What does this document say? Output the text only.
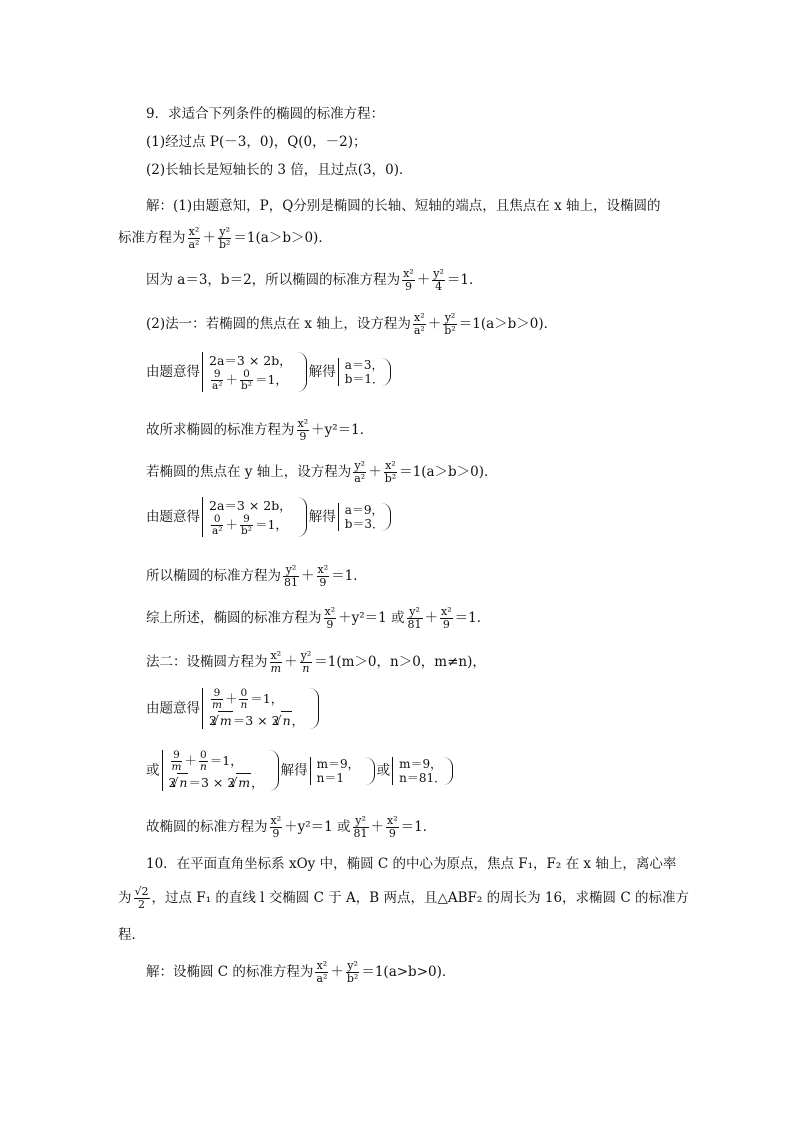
9．求适合下列条件的椭圆的标准方程：
(1)经过点 P(－3，0)，Q(0，－2)；
(2)长轴长是短轴长的 3 倍，且过点(3，0)．
解：(1)由题意知，P，Q分别是椭圆的长轴、短轴的端点，且焦点在 x 轴上，设椭圆的
标准方程为 $\frac{\text{x²}}{\text{a²}} + \frac{\text{y²}}{\text{b²}} =1(a>b>0)$．
因为 a＝3，b＝2，所以椭圆的标准方程为 $\frac{\text{x²}}{9} + \frac{\text{y²}}{4} =1$．
(2)法一：若椭圆的焦点在 x 轴上，设方程为 $\frac{\text{x²}}{\text{a²}} + \frac{\text{y²}}{\text{b²}} =1(a>b>0)$．
由题意得
2a＝3 × 2b，
$\frac{9}{\text{a²}} + \frac{0}{\text{b²}} =1$， 解得 a＝3，
b＝1．
故所求椭圆的标准方程为 $\frac{\text{x²}}{9} +y^2=1$．
若椭圆的焦点在 y 轴上，设方程为 $\frac{\text{y²}}{\text{a²}} + \frac{\text{x²}}{\text{b²}} =1(a>b>0)$．
由题意得
2a＝3 × 2b，
$\frac{0}{\text{a²}} + \frac{9}{\text{b²}} =1$， 解得 a＝9，
b＝3．
所以椭圆的标准方程为 $\frac{\text{y²}}{81} + \frac{\text{x²}}{9} =1$．
综上所述，椭圆的标准方程为 $\frac{\text{x²}}{9} +y^2=1$ 或 $\frac{\text{y²}}{81} + \frac{\text{x²}}{9} =1$．
法二：设椭圆方程为 $\frac{\text{x²}}{m} + \frac{\text{y²}}{n} =1(m>0$，n＞0，m≠n)，
由题意得 $\frac{9}{m} + \frac{0}{n} =1$，
2 √ m＝3 × 2 √ n，
或 $\frac{9}{m} + \frac{0}{n} =1$，
2 √ n＝3 × 2 √ m，
解得 m＝9，
n＝1	或 m＝9，
n＝81．
故椭圆的标准方程为 $\frac{\text{x²}}{9} +y^2=1$ 或 $\frac{\text{y²}}{81} + \frac{\text{x²}}{9} =1$．
10．在平面直角坐标系 xOy 中，椭圆 C 的中心为原点，焦点 F₁，F₂ 在 x 轴上，离心率
为 $\frac{√2}{2}$ ，过点 F₁ 的直线 l 交椭圆 C 于 A，B 两点，且△ABF₂ 的周长为 16，求椭圆 C 的标准方
程．
解：设椭圆 C 的标准方程为 $\frac{\text{x²}}{\text{a²}} + \frac{\text{y²}}{\text{b²}} =1(a>b>0)$．
